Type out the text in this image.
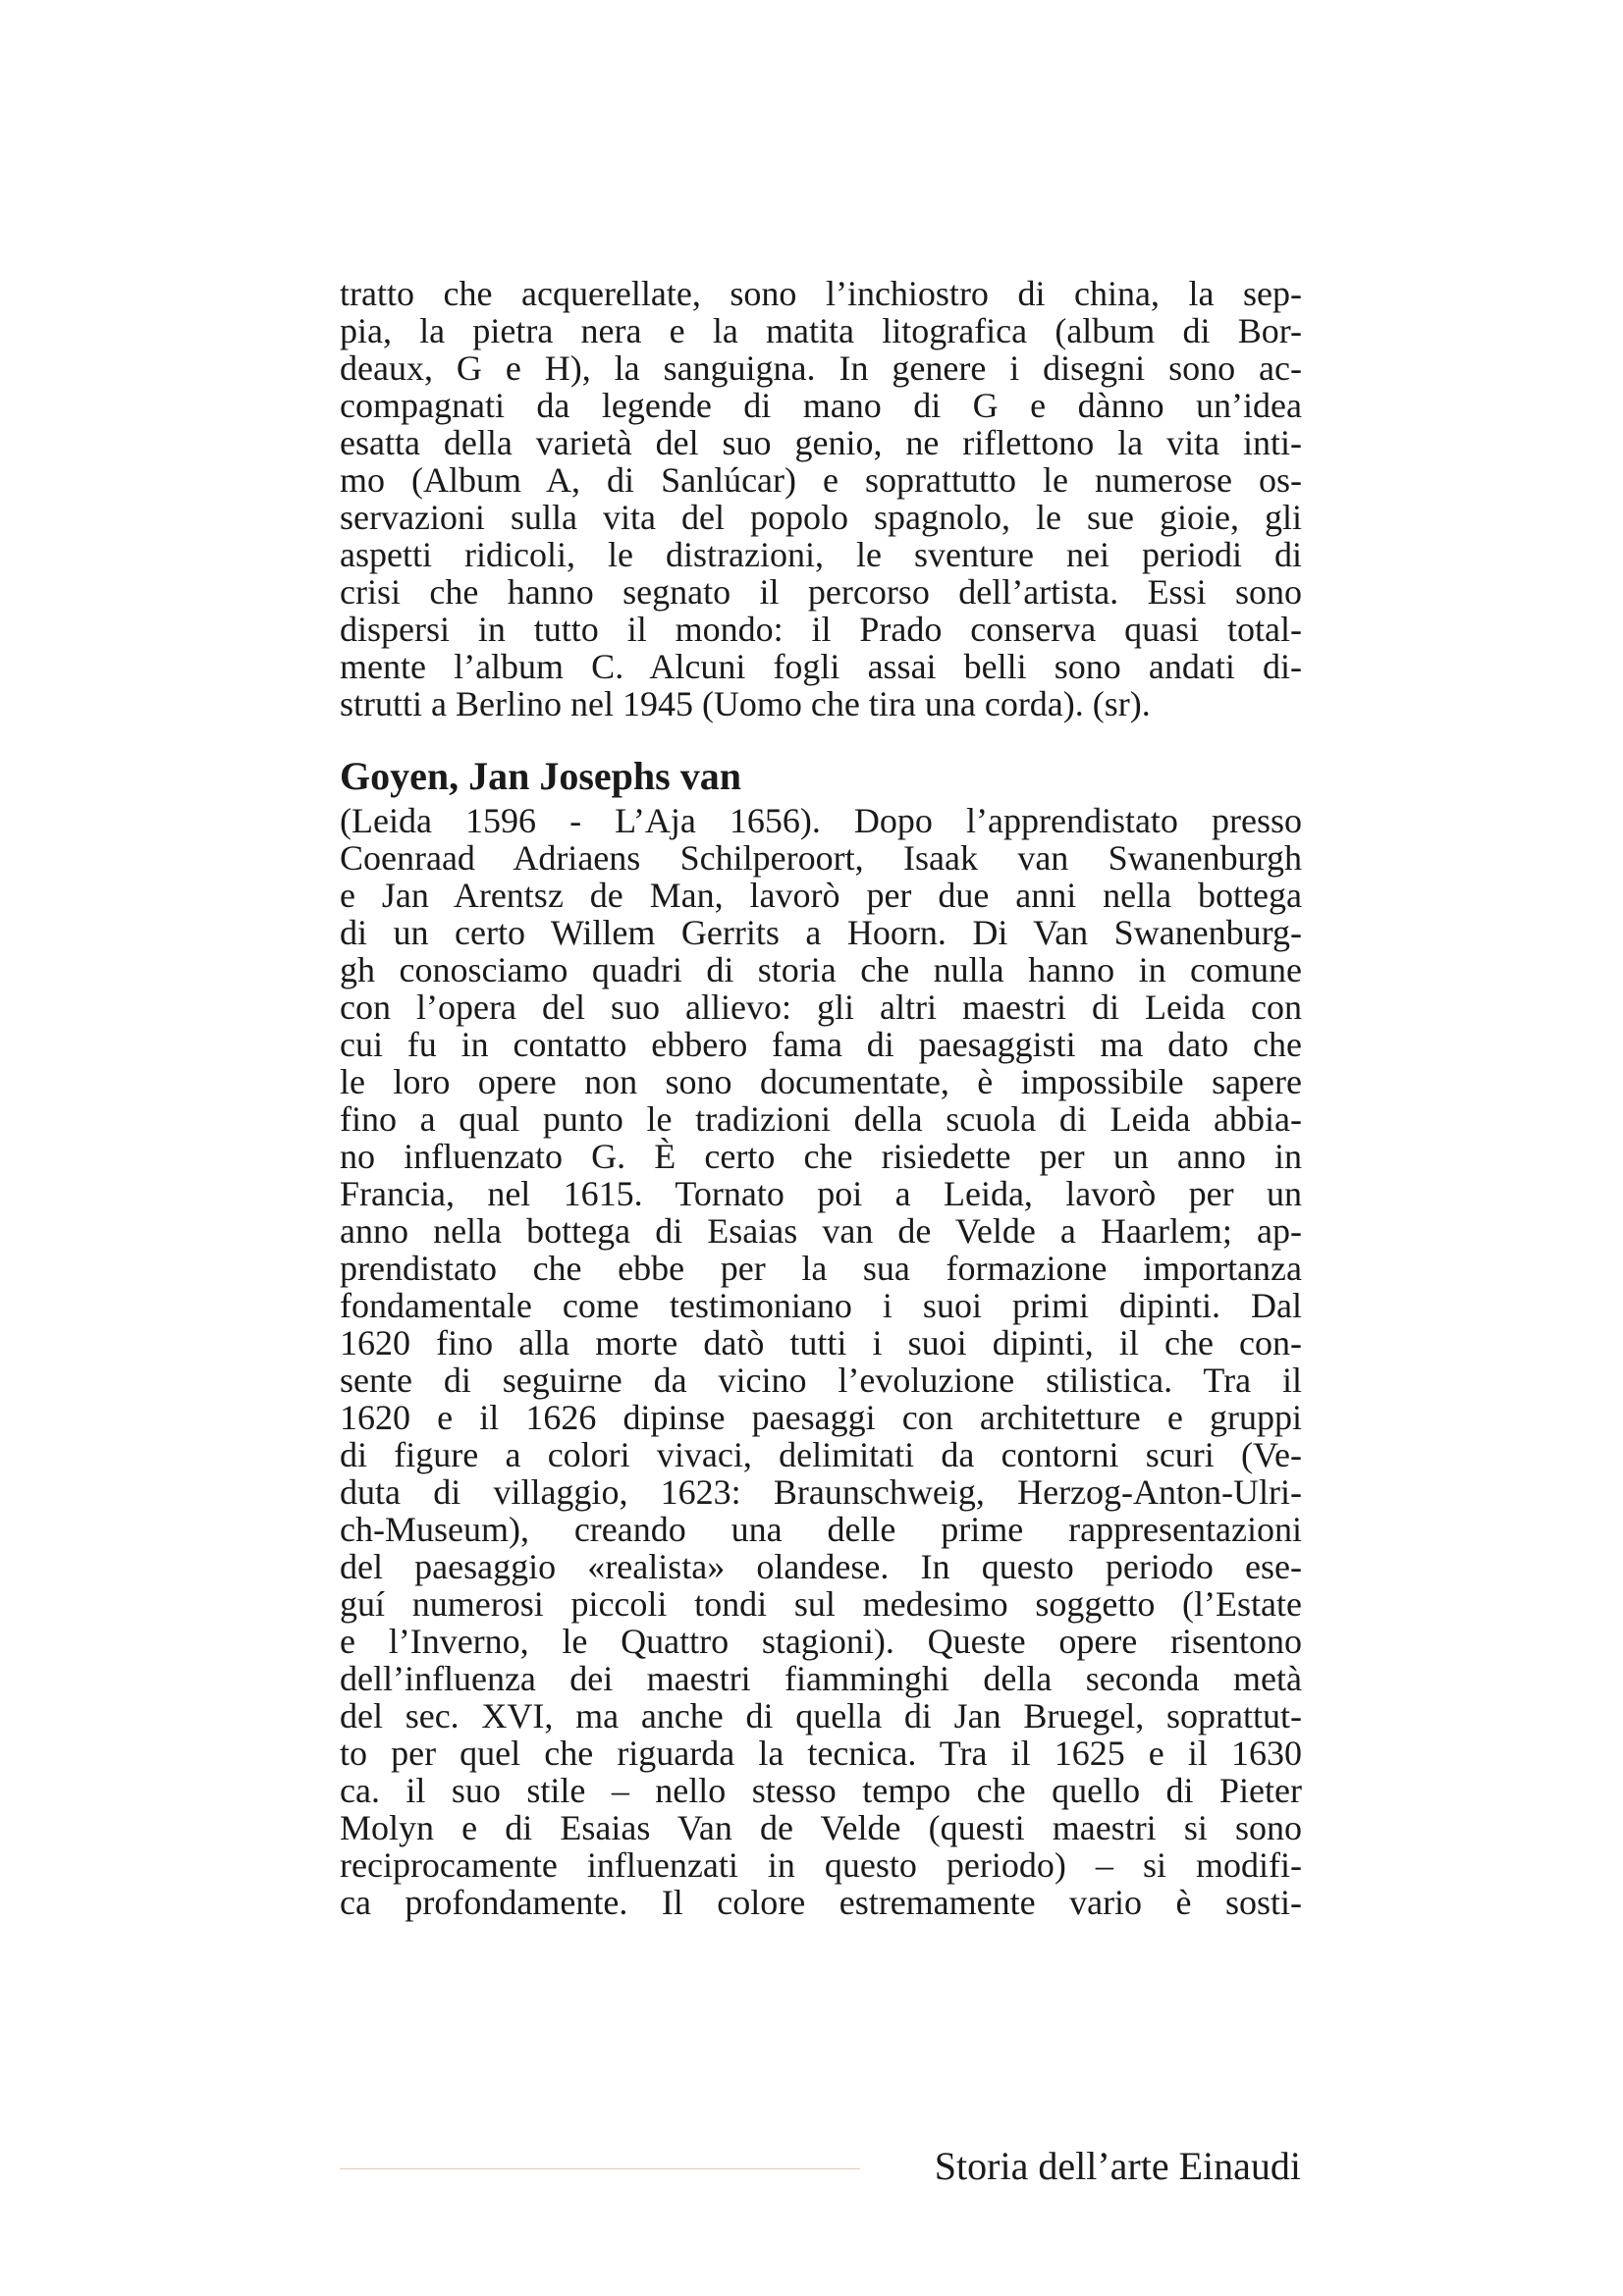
tratto che acquerellate, sono l’inchiostro di china, la sep-
pia, la pietra nera e la matita litografica (album di Bor-
deaux, G e H), la sanguigna. In genere i disegni sono ac-
compagnati da legende di mano di G e dànno un’idea
esatta della varietà del suo genio, ne riflettono la vita inti-
mo (Album A, di Sanlúcar) e soprattutto le numerose os-
servazioni sulla vita del popolo spagnolo, le sue gioie, gli
aspetti ridicoli, le distrazioni, le sventure nei periodi di
crisi che hanno segnato il percorso dell’artista. Essi sono
dispersi in tutto il mondo: il Prado conserva quasi total-
mente l’album C. Alcuni fogli assai belli sono andati di-
strutti a Berlino nel 1945 (Uomo che tira una corda). (sr).
Goyen, Jan Josephs van
(Leida 1596 - L’Aja 1656). Dopo l’apprendistato presso
Coenraad Adriaens Schilperoort, Isaak van Swanenburgh
e Jan Arentsz de Man, lavorò per due anni nella bottega
di un certo Willem Gerrits a Hoorn. Di Van Swanenburg-
gh conosciamo quadri di storia che nulla hanno in comune
con l’opera del suo allievo: gli altri maestri di Leida con
cui fu in contatto ebbero fama di paesaggisti ma dato che
le loro opere non sono documentate, è impossibile sapere
fino a qual punto le tradizioni della scuola di Leida abbia-
no influenzato G. È certo che risiedette per un anno in
Francia, nel 1615. Tornato poi a Leida, lavorò per un
anno nella bottega di Esaias van de Velde a Haarlem; ap-
prendistato che ebbe per la sua formazione importanza
fondamentale come testimoniano i suoi primi dipinti. Dal
1620 fino alla morte datò tutti i suoi dipinti, il che con-
sente di seguirne da vicino l’evoluzione stilistica. Tra il
1620 e il 1626 dipinse paesaggi con architetture e gruppi
di figure a colori vivaci, delimitati da contorni scuri (Ve-
duta di villaggio, 1623: Braunschweig, Herzog-Anton-Ulri-
ch-Museum), creando una delle prime rappresentazioni
del paesaggio «realista» olandese. In questo periodo ese-
guí numerosi piccoli tondi sul medesimo soggetto (l’Estate
e l’Inverno, le Quattro stagioni). Queste opere risentono
dell’influenza dei maestri fiamminghi della seconda metà
del sec. XVI, ma anche di quella di Jan Bruegel, soprattut-
to per quel che riguarda la tecnica. Tra il 1625 e il 1630
ca. il suo stile – nello stesso tempo che quello di Pieter
Molyn e di Esaias Van de Velde (questi maestri si sono
reciprocamente influenzati in questo periodo) – si modifi-
ca profondamente. Il colore estremamente vario è sosti-
Storia dell’arte Einaudi
